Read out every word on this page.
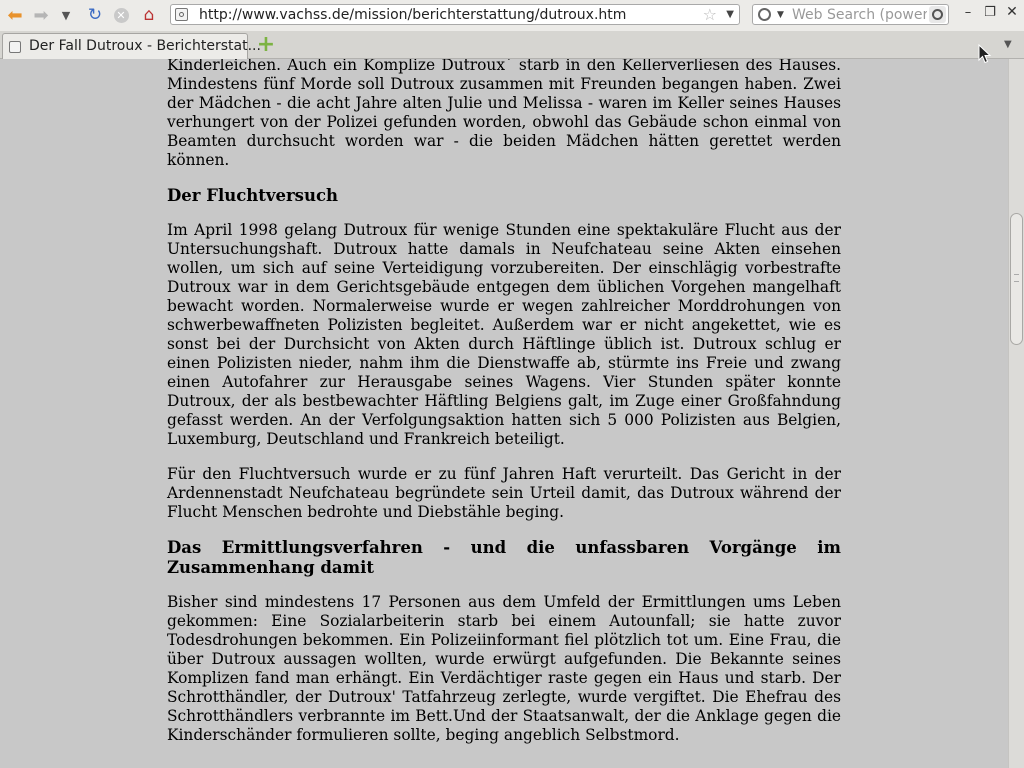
⬅ ➡	▼ ↻	✕	⌂	http://www.vachss.de/mission/berichterstattung/dutroux.htm	☆ ▼	▼
Web Search (powered by Google)	– ❐ ✕
Der Fall Dutroux - Berichterstat...
+	▼

Kinderleichen. Auch ein Komplize Dutroux` starb in den Kellerverliesen des Hauses. Mindestens fünf Morde soll Dutroux zusammen mit Freunden begangen haben. Zwei der Mädchen - die acht Jahre alten Julie und Melissa - waren im Keller seines Hauses verhungert von der Polizei gefunden worden, obwohl das Gebäude schon einmal von Beamten durchsucht worden war - die beiden Mädchen hätten gerettet werden können.

Der Fluchtversuch

Im April 1998 gelang Dutroux für wenige Stunden eine spektakuläre Flucht aus der Untersuchungshaft. Dutroux hatte damals in Neufchateau seine Akten einsehen wollen, um sich auf seine Verteidigung vorzubereiten. Der einschlägig vorbestrafte Dutroux war in dem Gerichtsgebäude entgegen dem üblichen Vorgehen mangelhaft bewacht worden. Normalerweise wurde er wegen zahlreicher Morddrohungen von schwerbewaffneten Polizisten begleitet. Außerdem war er nicht angekettet, wie es sonst bei der Durchsicht von Akten durch Häftlinge üblich ist. Dutroux schlug er einen Polizisten nieder, nahm ihm die Dienstwaffe ab, stürmte ins Freie und zwang einen Autofahrer zur Herausgabe seines Wagens. Vier Stunden später konnte Dutroux, der als bestbewachter Häftling Belgiens galt, im Zuge einer Großfahndung gefasst werden. An der Verfolgungsaktion hatten sich 5 000 Polizisten aus Belgien, Luxemburg, Deutschland und Frankreich beteiligt.

Für den Fluchtversuch wurde er zu fünf Jahren Haft verurteilt. Das Gericht in der Ardennenstadt Neufchateau begründete sein Urteil damit, das Dutroux während der Flucht Menschen bedrohte und Diebstähle beging.

Das Ermittlungsverfahren - und die unfassbaren Vorgänge im Zusammenhang damit

Bisher sind mindestens 17 Personen aus dem Umfeld der Ermittlungen ums Leben gekommen: Eine Sozialarbeiterin starb bei einem Autounfall; sie hatte zuvor Todesdrohungen bekommen. Ein Polizeiinformant fiel plötzlich tot um. Eine Frau, die über Dutroux aussagen wollten, wurde erwürgt aufgefunden. Die Bekannte seines Komplizen fand man erhängt. Ein Verdächtiger raste gegen ein Haus und starb. Der Schrotthändler, der Dutroux' Tatfahrzeug zerlegte, wurde vergiftet. Die Ehefrau des Schrotthändlers verbrannte im Bett.Und der Staatsanwalt, der die Anklage gegen die Kinderschänder formulieren sollte, beging angeblich Selbstmord.
